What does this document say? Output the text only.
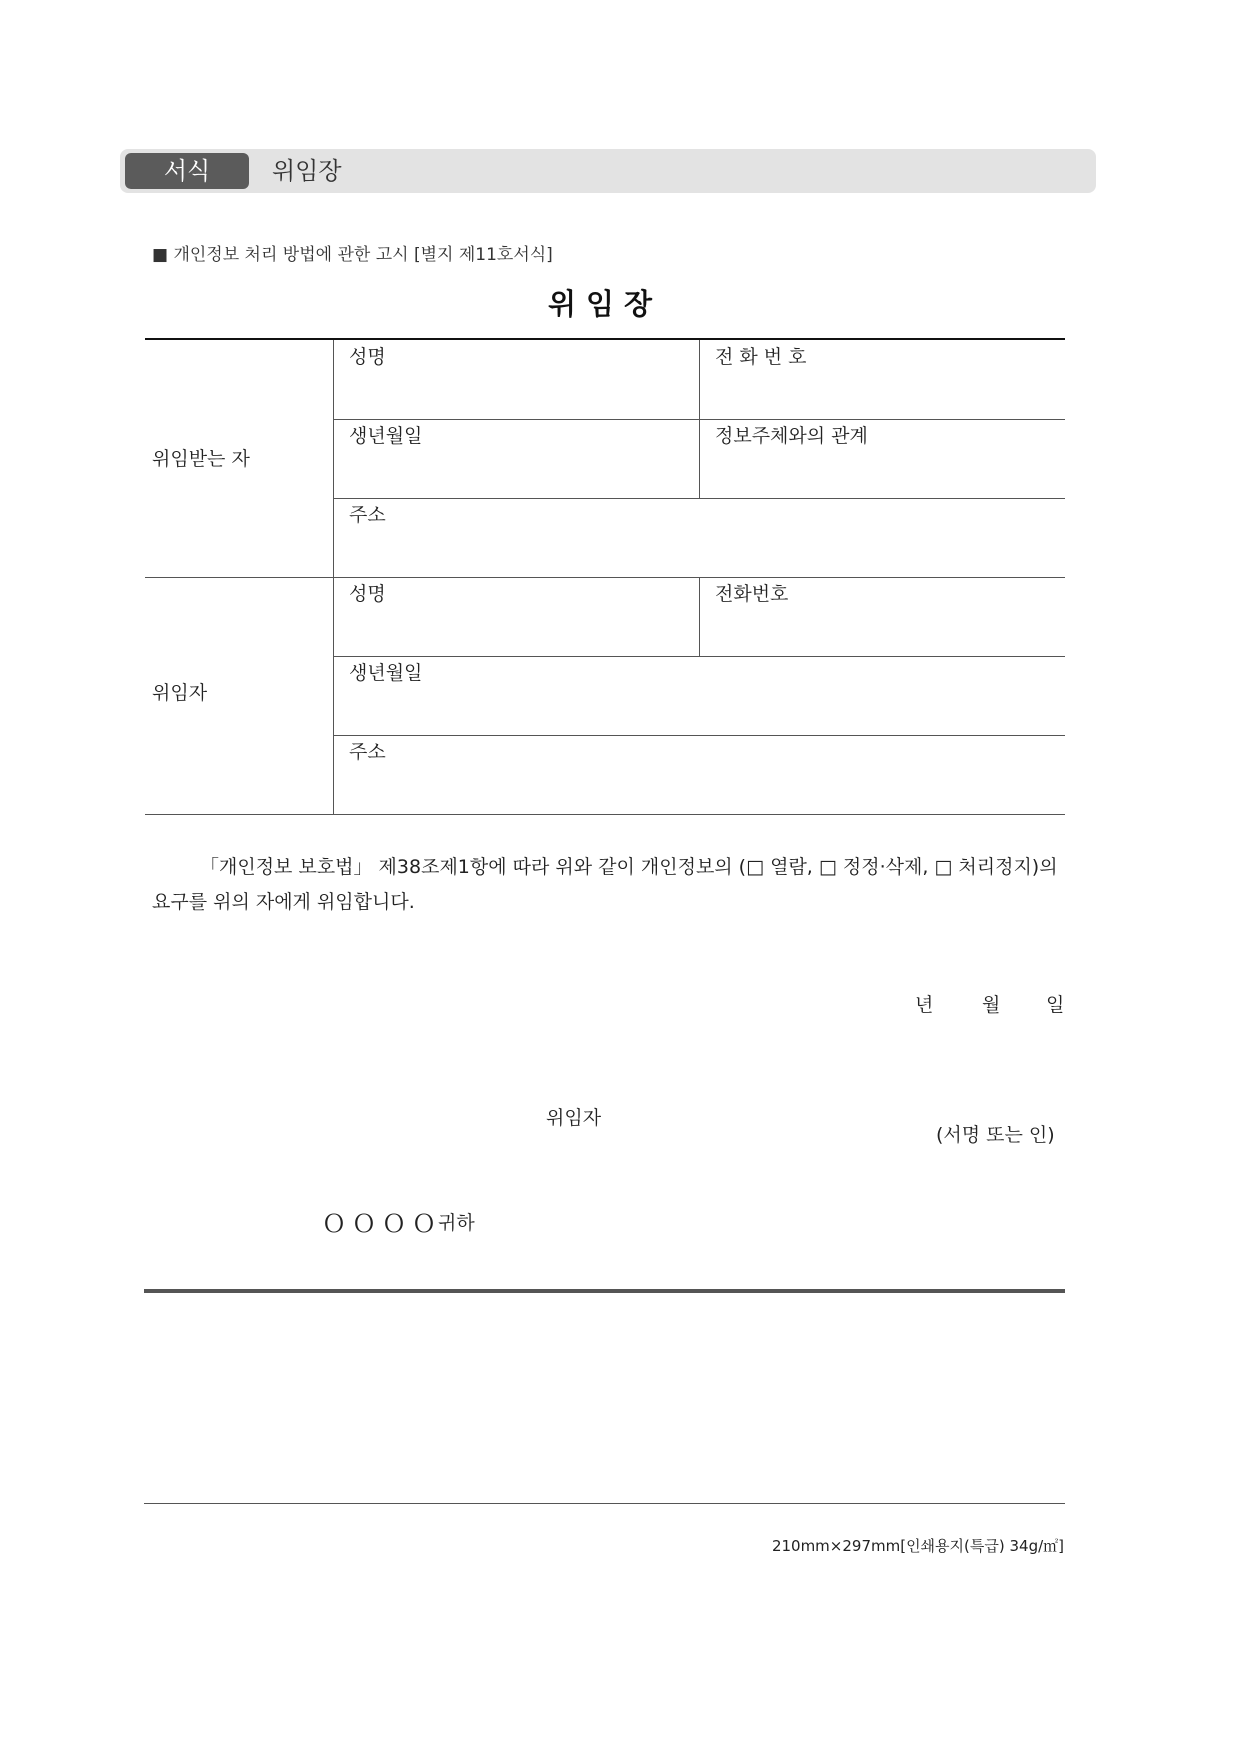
서식	위임장
■ 개인정보 처리 방법에 관한 고시 [별지 제11호서식]
위임장
위임받는 자
성명	전 화 번 호
생년월일	정보주체와의 관계
주소
위임자
성명	전화번호
생년월일
주소
「개인정보 보호법」 제38조제1항에 따라 위와 같이 개인정보의 (□ 열람, □ 정정·삭제, □ 처리정지)의
요구를 위의 자에게 위임합니다.
년	월 일
위임자
(서명 또는 인)
ＯＯＯＯ
귀하
210mm×297mm[인쇄용지(특급) 34g/㎡]
